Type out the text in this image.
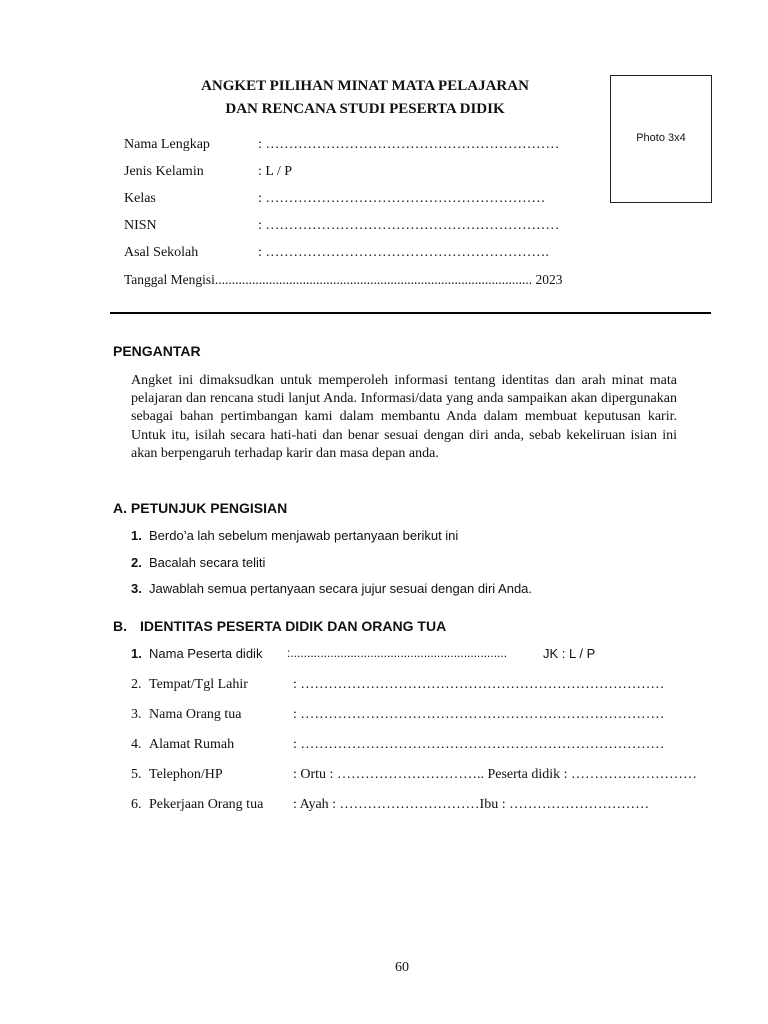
ANGKET PILIHAN MINAT MATA PELAJARAN
DAN RENCANA STUDI PESERTA DIDIK
Photo 3x4
Nama Lengkap	: ………………………………………………………
Jenis Kelamin	: L / P
Kelas	: ……………………………………………………
NISN	: ………………………………………………………
Asal Sekolah	: …………………………………………………….
Tanggal Mengisi.............................................................................................. 2023
PENGANTAR
Angket ini dimaksudkan untuk memperoleh informasi tentang identitas dan arah minat mata pelajaran dan rencana studi lanjut Anda. Informasi/data yang anda sampaikan akan dipergunakan sebagai bahan pertimbangan kami dalam membantu Anda dalam membuat keputusan karir. Untuk itu, isilah secara hati-hati dan benar sesuai dengan diri anda, sebab kekeliruan isian ini akan berpengaruh terhadap karir dan masa depan anda.
A. PETUNJUK PENGISIAN
1. Berdo’a lah sebelum menjawab pertanyaan berikut ini
2. Bacalah secara teliti
3. Jawablah semua pertanyaan secara jujur sesuai dengan diri Anda.
B. IDENTITAS PESERTA DIDIK DAN ORANG TUA
1. Nama Peserta didik :.................................................................	JK : L / P
2. Tempat/Tgl Lahir	: ……………………………………………………………………
3. Nama Orang tua	: ……………………………………………………………………
4. Alamat Rumah	: ……………………………………………………………………
5. Telephon/HP	: Ortu : ………………………….. Peserta didik : ………………………
6. Pekerjaan Orang tua : Ayah : …………………………Ibu : …………………………
60
